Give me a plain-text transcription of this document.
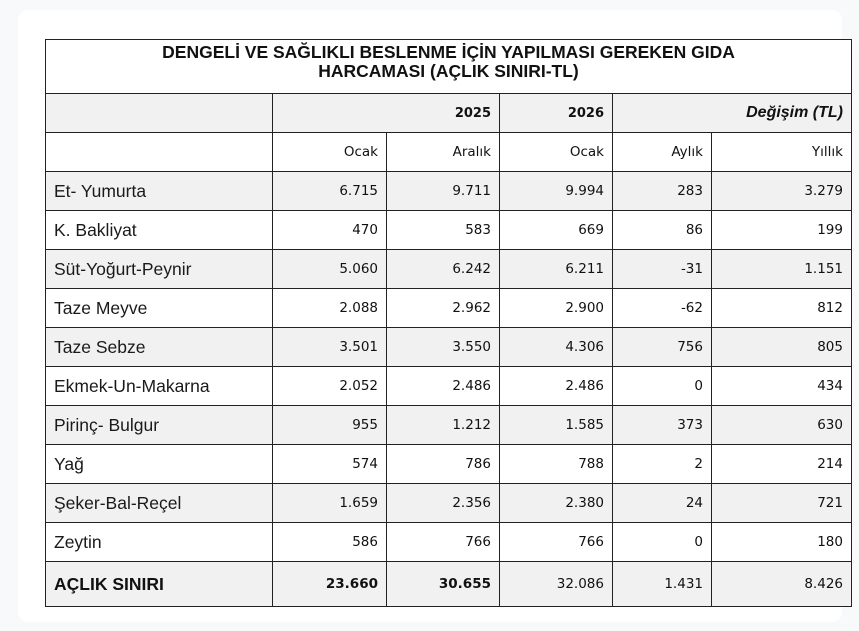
DENGELİ VE SAĞLIKLI BESLENME İÇİN YAPILMASI GEREKEN GIDA
HARCAMASI (AÇLIK SINIRI-TL)					

	2025		2026	Değişim (TL)	
	Ocak	Aralık	Ocak	Aylık	Yıllık
Et- Yumurta	6.715	9.711	9.994	283	3.279
K. Bakliyat	470	583	669	86	199
Süt-Yoğurt-Peynir	5.060	6.242	6.211	-31	1.151
Taze Meyve	2.088	2.962	2.900	-62	812
Taze Sebze	3.501	3.550	4.306	756	805
Ekmek-Un-Makarna	2.052	2.486	2.486	0	434
Pirinç- Bulgur	955	1.212	1.585	373	630
Yağ	574	786	788	2	214
Şeker-Bal-Reçel	1.659	2.356	2.380	24	721
Zeytin	586	766	766	0	180
AÇLIK SINIRI	23.660	30.655	32.086	1.431	8.426
